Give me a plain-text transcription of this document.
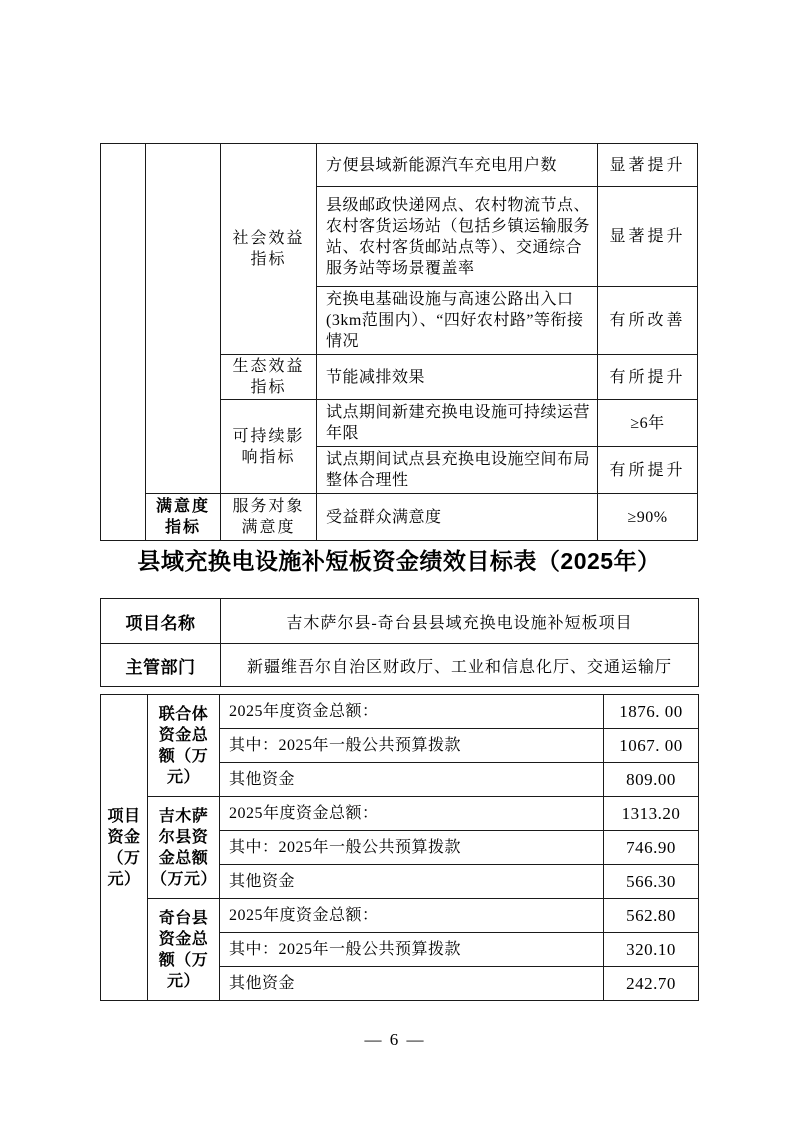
		社会效益指标	方便县域新能源汽车充电用户数	显著提升
			县级邮政快递网点、农村物流节点、农村客货运场站（包括乡镇运输服务站、农村客货邮站点等）、交通综合服务站等场景覆盖率	显著提升
			充换电基础设施与高速公路出入口(3km范围内）、“四好农村路”等衔接情况	有所改善
		生态效益指标	节能减排效果	有所提升
		可持续影响指标	试点期间新建充换电设施可持续运营年限	≥6年
			试点期间试点县充换电设施空间布局整体合理性	有所提升
	满意度指标	服务对象满意度	受益群众满意度	≥90%
县域充换电设施补短板资金绩效目标表（2025年）
项目名称	吉木萨尔县-奇台县县域充换电设施补短板项目
主管部门	新疆维吾尔自治区财政厅、工业和信息化厅、交通运输厅
项目资金（万元）	联合体资金总额（万元）	2025年度资金总额：	1876. 00
		其中：2025年一般公共预算拨款	1067. 00
		其他资金	809.00
	吉木萨尔县资金总额（万元）	2025年度资金总额：	1313.20
		其中：2025年一般公共预算拨款	746.90
		其他资金	566.30
	奇台县资金总额（万元）	2025年度资金总额：	562.80
		其中：2025年一般公共预算拨款	320.10
		其他资金	242.70
— 6 —
